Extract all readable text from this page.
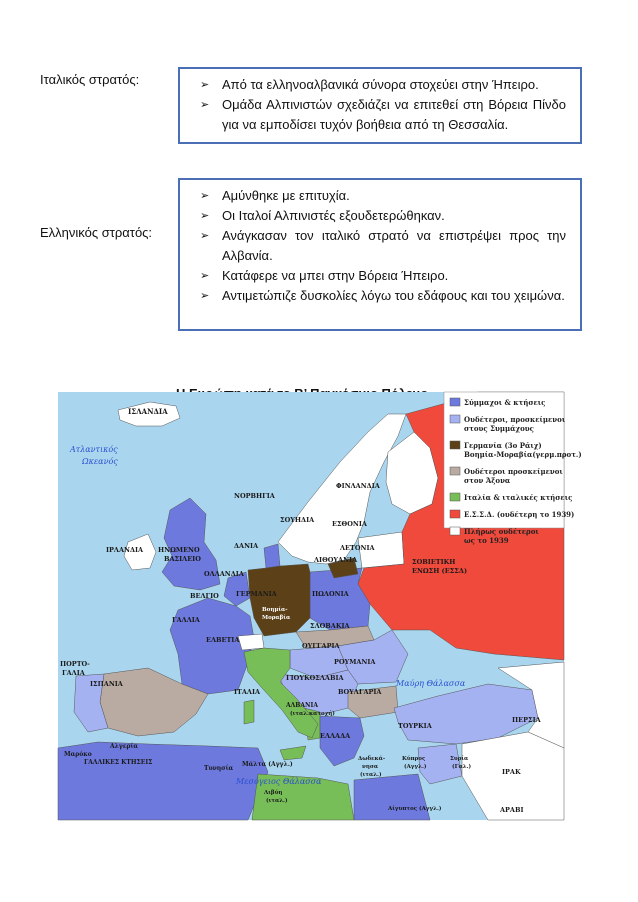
Ιταλικός στρατός:	➢ Από τα ελληνοαλβανικά σύνορα στοχεύει στην Ήπειρο.
➢ Ομάδα Αλπινιστών σχεδιάζει να επιτεθεί στη Βόρεια Πίνδο για να εμποδίσει τυχόν βοήθεια από τη Θεσσαλία.
Ελληνικός στρατός:
➢ Αμύνθηκε με επιτυχία.
➢ Οι Ιταλοί Αλπινιστές εξουδετερώθηκαν.
➢ Ανάγκασαν τον ιταλικό στρατό να επιστρέψει προς την Αλβανία.
➢ Κατάφερε να μπει στην Βόρεια Ήπειρο.
➢ Αντιμετώπιζε δυσκολίες λόγω του εδάφους και του χειμώνα.
Σύμμαχοι & κτήσεις
Ουδέτεροι, προσκείμενοι
στους Συμμάχους
Γερμανία (3ο Ράιχ)
Βοημία-Μοραβία(γερμ.προτ.)
Ουδέτεροι προσκείμενοι
στον Άξονα
Ιταλία & ιταλικές κτήσεις
Ε.Σ.Σ.Δ. (ουδέτερη το 1939)
Πλήρως ουδέτεροι
ως το 1939
ΙΣΛΑΝΔΙΑ
Ατλαντικός
Ωκεανός
ΦΙΝΛΑΝΔΙΑ
ΝΟΡΒΗΓΙΑ
ΣΟΥΗΔΙΑ	ΕΣΘΟΝΙΑ
ΛΕΤΟΝΙΑ
ΛΙΘΟΥΑΝΙΑ
ΔΑΝΙΑ
ΙΡΛΑΝΔΙΑ ΗΝΩΜΕΝΟ
ΒΑΣΙΛΕΙΟ	ΣΟΒΙΕΤΙΚΗ
ΕΝΩΣΗ (ΕΣΣΔ)
ΟΛΛΑΝΔΙΑ
ΓΕΡΜΑΝΙΑ	ΠΩΛΟΝΙΑ
ΒΕΛΓΙΟ
Βοημία-
Μοραβία
ΣΛΟΒΑΚΙΑ
ΓΑΛΛΙΑ
ΕΛΒΕΤΙΑ
ΟΥΓΓΑΡΙΑ
ΡΟΥΜΑΝΙΑ
ΠΟΡΤΟ-
ΓΑΛΙΑ
ΙΣΠΑΝΙΑ
ΓΙΟΥΚΟΣΛΑΒΙΑ
Μαύρη Θάλασσα
ΙΤΑΛΙΑ	ΒΟΥΛΓΑΡΙΑ
ΑΛΒΑΝΙΑ
(ιταλ.κατοχή)
ΤΟΥΡΚΙΑ
ΠΕΡΣΙΑ
ΕΛΛΑΔΑ
Αλγερία
Μαρόκο
ΓΑΛΛΙΚΕΣ ΚΤΗΣΕΙΣ
Τυνησία
Μάλτα (Αγγλ.)
Μεσόγειος Θάλασσα
Δωδεκά-
νησα
(ιταλ.)
Κύπρος
(Αγγλ.)
Συρία
(Γαλ.)
ΙΡΑΚ
Λιβύη
(ιταλ.)
Αίγυπτος (Αγγλ.)	ΑΡΑΒΙ
